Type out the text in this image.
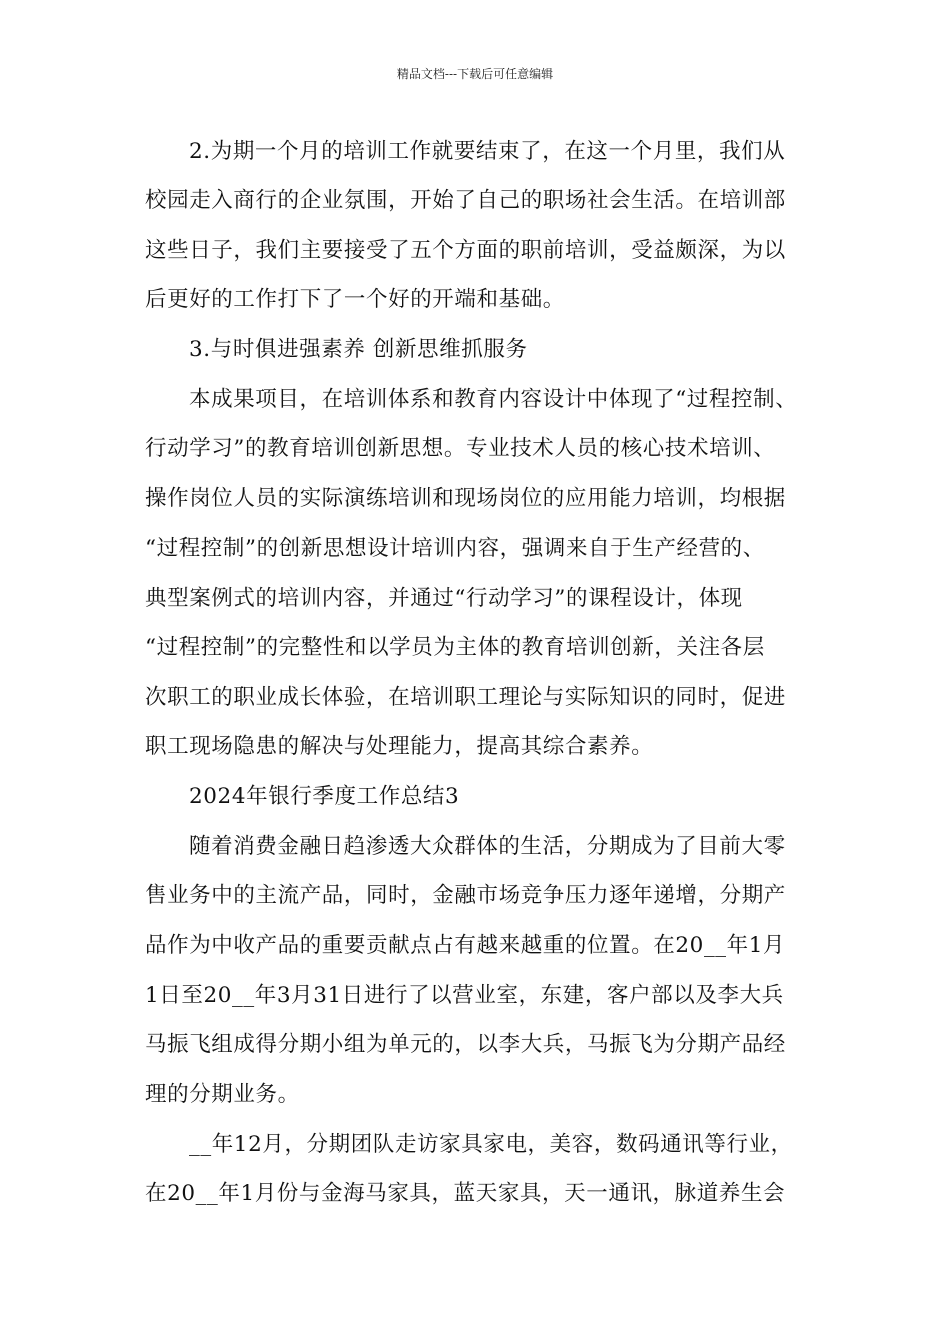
精品文档---下载后可任意编辑
2.为期一个月的培训工作就要结束了，在这一个月里，我们从
校园走入商行的企业氛围，开始了自己的职场社会生活。在培训部
这些日子，我们主要接受了五个方面的职前培训，受益颇深，为以
后更好的工作打下了一个好的开端和基础。
3.与时俱进强素养 创新思维抓服务
本成果项目，在培训体系和教育内容设计中体现了“过程控制、
行动学习”的教育培训创新思想。专业技术人员的核心技术培训、
操作岗位人员的实际演练培训和现场岗位的应用能力培训，均根据
“过程控制”的创新思想设计培训内容，强调来自于生产经营的、
典型案例式的培训内容，并通过“行动学习”的课程设计，体现
“过程控制”的完整性和以学员为主体的教育培训创新，关注各层
次职工的职业成长体验，在培训职工理论与实际知识的同时，促进
职工现场隐患的解决与处理能力，提高其综合素养。
2024年银行季度工作总结3
随着消费金融日趋渗透大众群体的生活，分期成为了目前大零
售业务中的主流产品，同时，金融市场竞争压力逐年递增，分期产
品作为中收产品的重要贡献点占有越来越重的位置。在20__年1月
1日至20__年3月31日进行了以营业室，东建，客户部以及李大兵
马振飞组成得分期小组为单元的，以李大兵，马振飞为分期产品经
理的分期业务。
__年12月，分期团队走访家具家电，美容，数码通讯等行业，
在20__年1月份与金海马家具，蓝天家具，天一通讯，脉道养生会
